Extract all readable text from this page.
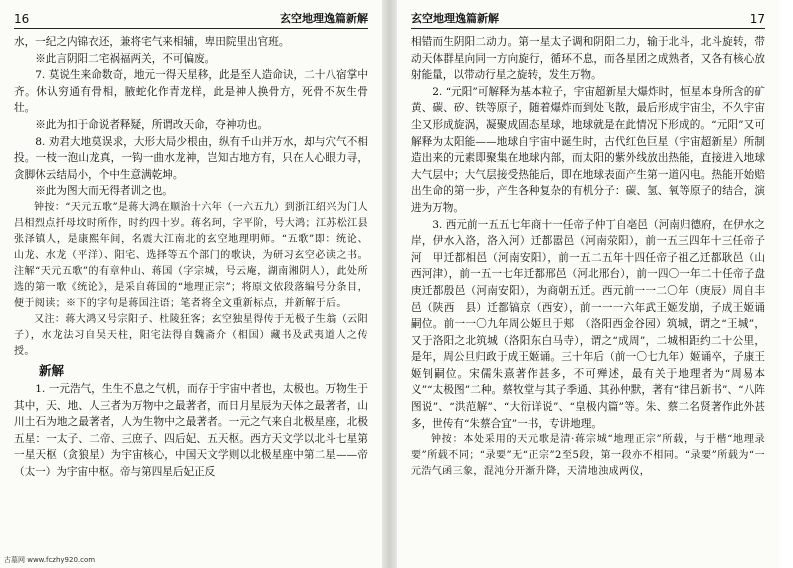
16	玄空地理逸篇新解

水，一纪之内锦衣还，兼将宅气来相辅，卑田院里出官班。

※此言阴阳二宅祸福两关，不可偏废。

7. 莫说生来命数奇，地元一得天星移，此是至人造命诀，二十八宿掌中齐。休认穷通有骨相，腋蛇化作青龙样，此是神人换骨方，死骨不灰生骨壮。

※此为扣于命说者释疑，所谓改天命，夺神功也。

8. 劝君大地莫误求，大形大局少根由，纵有千山并万水，却与穴气不相投。一枝一泡山龙真，一钩一曲水龙神，岂知古地方有，只在人心眼力寻，贪脚休云结局小，个中生意满乾坤。

※此为图大而无得者训之也。

钟按：“天元五歌”是蒋大鸿在顺治十六年（一六五九）到浙江绍兴为门人吕相烈点扦母坟时所作，时约四十岁。蒋名珂，字平阶，号大鸿；江苏松江县张泽镇人，是康熙年间，名震大江南北的玄空地理明师。“五歌”即：统论、山龙、水龙（平洋）、阳宅、选择等五个部门的歌诀，为研习玄空必读之书。注解“天元五歌”的有章仲山、蒋国（字宗城，号云庵，湖南湘阴人），此处所选的第一歌《统论》，是采自蒋国的“地理正宗”；将原文依段落编号分条目，便于阅读；※下的字句是蒋国注语；笔者将全文重新标点，并新解于后。

又注：蒋大鸿又号宗阳子、杜陵狂客；玄空独星得传于无极子生翁（云阳子），水龙法习自吴天柱，阳宅法得自魏斋介（相国）藏书及武夷道人之传授。

新解

1. 一元浩气，生生不息之气机，而存于宇宙中者也，太极也。万物生于其中，天、地、人三者为万物中之最著者，而日月星辰为天体之最著者，山川土石为地之最著者，人为生物中之最著者。一元之气来自北极星座，北极五星：一太子、二帝、三庶子、四后妃、五天枢。西方天文学以北斗七星第一星天枢（贪狼星）为宇宙核心，中国天文学则以北极星座中第二星——帝（太一）为宇宙中枢。帝与第四星后妃正反

玄空地理逸篇新解	17

相错而生阴阳二动力。第一星太子调和阴阳二力，输于北斗，北斗旋转，带动天体群星向同一方向旋行，循环不息，而各星团之成熟者，又各有核心放射能量，以带动行星之旋转，发生万物。

2. “元阳”可解释为基本粒子，宇宙超新星大爆炸时，恒星本身所含的矿黄、碳、矽、铁等原子，随着爆炸而到处飞散，最后形成宇宙尘，不久宇宙尘又形成旋涡，凝聚成固态星球，地球就是在此情况下形成的。“元阳”又可解释为太阳能——地球自宇宙中诞生时，古代红色巨星（宇宙超新星）所制造出来的元素即聚集在地球内部，而太阳的紫外线放出热能，直接进入地球大气层中；大气层接受热能后，即在地球表面产生第一道闪电。热能开始赔出生命的第一步，产生各种复杂的有机分子：碳、氢、氧等原子的结合，演进为万物。

3. 西元前一五五七年商十一任帝子仲丁自亳邑（河南归德府，在伊水之岸，伊水入洛，洛入河）迁都嚣邑（河南荥阳），前一五三四年十三任帝子河　甲迁都相邑（河南安阳），前一五二五年十四任帝子祖乙迁都耿邑（山西河津），前一五一七年迁都邢邑（河北邢台），前一四〇一年二十任帝子盘庚迁都殷邑（河南安阳），为商朝五迁。西元前一一二〇年（庚辰）周自丰邑（陕西　县）迁都镐京（西安），前一一一六年武王姬发崩，子成王姬诵嗣位。前一一〇九年周公姬旦于郏　（洛阳西金谷园）筑城，谓之“王城”，又于洛阳之北筑城（洛阳东白马寺），谓之“成周”，二城相距约二十公里，是年，周公旦归政于成王姬诵。三十年后（前一〇七九年）姬诵卒，子康王姬钊嗣位。宋儒朱熹著作甚多，不可殚述，最有关于地理者为“周易本义”“太极图”二种。蔡牧堂与其子季通、其孙仲默，著有“律吕新书”、“八阵图说”、“洪范解”、“大衍详说”、“皇极内篇”等。朱、蔡二名贤著作此外甚多，世传有“朱蔡合宜”一书，专讲地理。

钟按：本处采用的天元歌是清·蒋宗城“地理正宗”所载，与于楷“地理录要”所载不同；“录要”无“正宗”2至5段，第一段亦不相同。“录要”所载为“一元浩气函三象，混沌分开渐升降，天清地浊成两仪，

古墓网 www.fczhy920.com
